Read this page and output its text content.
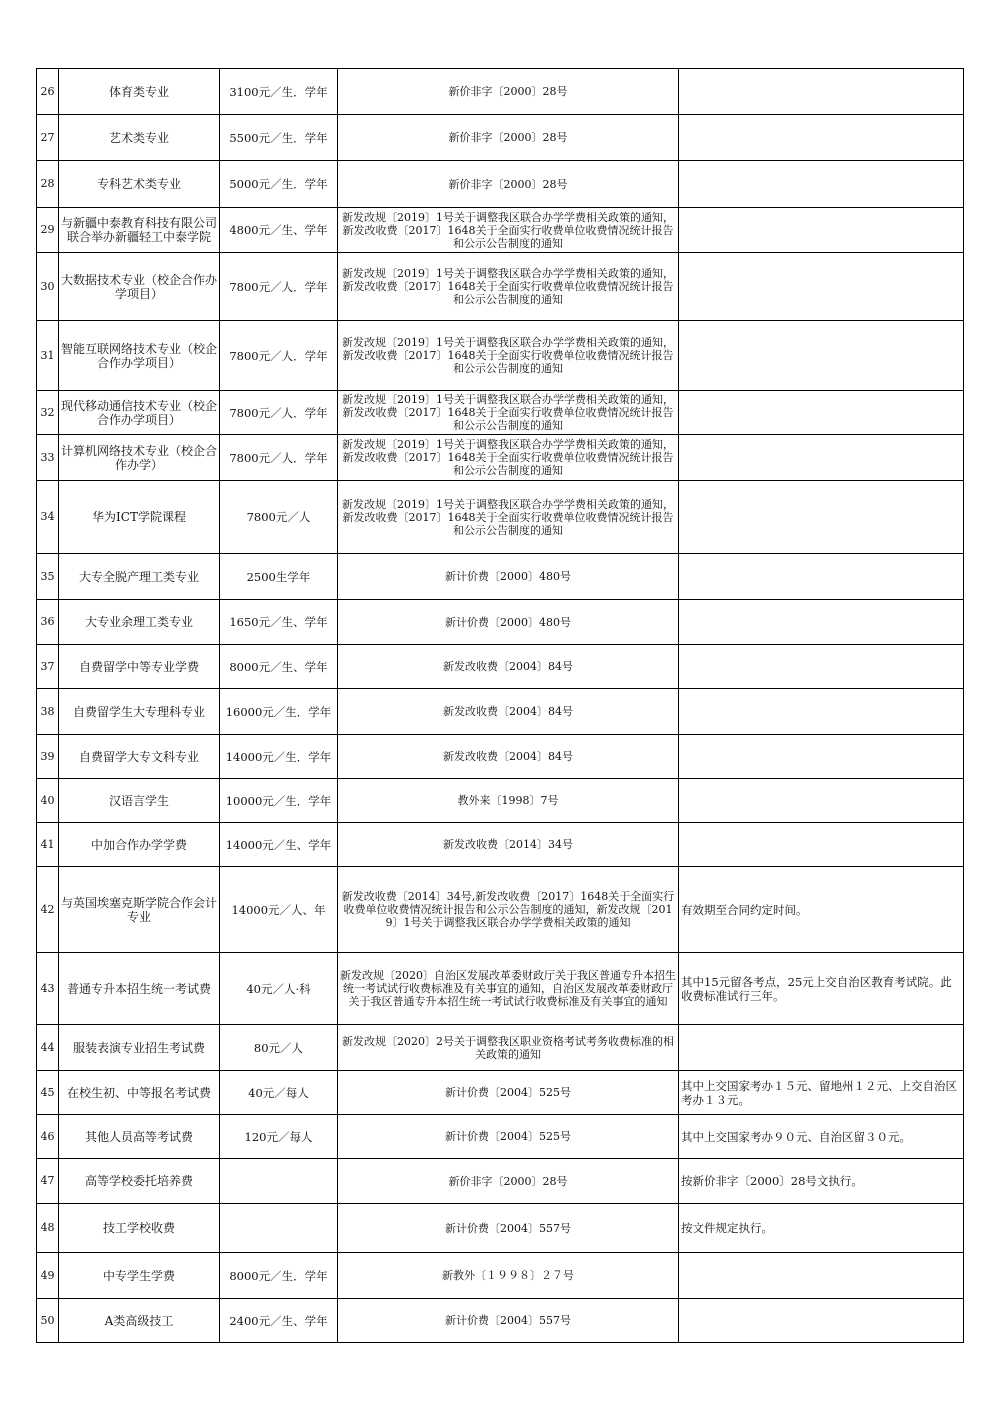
26	体育类专业	3100元／生．学年	新价非字〔2000〕28号	
27	艺术类专业	5500元／生．学年	新价非字〔2000〕28号	
28	专科艺术类专业	5000元／生．学年	新价非字〔2000〕28号	
29	与新疆中泰教育科技有限公司联合举办新疆轻工中泰学院	4800元／生、学年	新发改规〔2019〕1号关于调整我区联合办学学费相关政策的通知，新发改收费〔2017〕1648关于全面实行收费单位收费情况统计报告和公示公告制度的通知	
30	大数据技术专业（校企合作办学项目）	7800元／人．学年	新发改规〔2019〕1号关于调整我区联合办学学费相关政策的通知，新发改收费〔2017〕1648关于全面实行收费单位收费情况统计报告和公示公告制度的通知	
31	智能互联网络技术专业（校企合作办学项目）	7800元／人．学年	新发改规〔2019〕1号关于调整我区联合办学学费相关政策的通知，新发改收费〔2017〕1648关于全面实行收费单位收费情况统计报告和公示公告制度的通知	
32	现代移动通信技术专业（校企合作办学项目）	7800元／人．学年	新发改规〔2019〕1号关于调整我区联合办学学费相关政策的通知，新发改收费〔2017〕1648关于全面实行收费单位收费情况统计报告和公示公告制度的通知	
33	计算机网络技术专业（校企合作办学）	7800元／人．学年	新发改规〔2019〕1号关于调整我区联合办学学费相关政策的通知，新发改收费〔2017〕1648关于全面实行收费单位收费情况统计报告和公示公告制度的通知	
34	华为ICT学院课程	7800元／人	新发改规〔2019〕1号关于调整我区联合办学学费相关政策的通知，新发改收费〔2017〕1648关于全面实行收费单位收费情况统计报告和公示公告制度的通知	
35	大专全脱产理工类专业	2500生学年	新计价费〔2000〕480号	
36	大专业余理工类专业	1650元／生、学年	新计价费〔2000〕480号	
37	自费留学中等专业学费	8000元／生、学年	新发改收费〔2004〕84号	
38	自费留学生大专理科专业	16000元／生．学年	新发改收费〔2004〕84号	
39	自费留学大专文科专业	14000元／生．学年	新发改收费〔2004〕84号	
40	汉语言学生	10000元／生．学年	教外来〔1998〕7号	
41	中加合作办学学费	14000元／生、学年	新发改收费〔2014〕34号	
42	与英国埃塞克斯学院合作会计专业	14000元／人、年	新发改收费〔2014〕34号,新发改收费〔2017〕1648关于全面实行收费单位收费情况统计报告和公示公告制度的通知，新发改规〔2019〕1号关于调整我区联合办学学费相关政策的通知	有效期至合同约定时间。
43	普通专升本招生统一考试费	40元／人·科	新发改规〔2020〕自治区发展改革委财政厅关于我区普通专升本招生统一考试试行收费标准及有关事宜的通知，自治区发展改革委财政厅关于我区普通专升本招生统一考试试行收费标准及有关事宜的通知	其中15元留各考点，25元上交自治区教育考试院。此收费标准试行三年。
44	服装表演专业招生考试费	80元／人	新发改规〔2020〕2号关于调整我区职业资格考试考务收费标准的相关政策的通知	
45	在校生初、中等报名考试费	40元／每人	新计价费〔2004〕525号	其中上交国家考办１５元、留地州１２元、上交自治区考办１３元。
46	其他人员高等考试费	120元／每人	新计价费〔2004〕525号	其中上交国家考办９０元、自治区留３０元。
47	高等学校委托培养费		新价非字〔2000〕28号	按新价非字〔2000〕28号文执行。
48	技工学校收费		新计价费〔2004〕557号	按文件规定执行。
49	中专学生学费	8000元／生．学年	新教外〔１９９８〕２７号	
50	A类高级技工	2400元／生、学年	新计价费〔2004〕557号	
